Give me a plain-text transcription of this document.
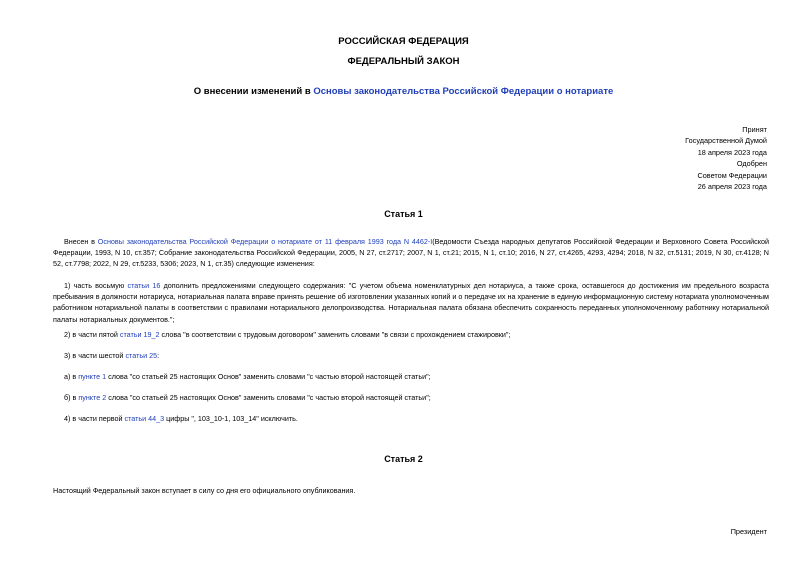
РОССИЙСКАЯ ФЕДЕРАЦИЯ
ФЕДЕРАЛЬНЫЙ ЗАКОН
О внесении изменений в Основы законодательства Российской Федерации о нотариате
Принят
Государственной Думой
18 апреля 2023 года
Одобрен
Советом Федерации
26 апреля 2023 года
Статья 1
Внесен в Основы законодательства Российской Федерации о нотариате от 11 февраля 1993 года N 4462-I(Ведомости Съезда народных депутатов Российской Федерации и Верховного Совета Российской Федерации, 1993, N 10, ст.357; Собрание законодательства Российской Федерации, 2005, N 27, ст.2717; 2007, N 1, ст.21; 2015, N 1, ст.10; 2016, N 27, ст.4265, 4293, 4294; 2018, N 32, ст.5131; 2019, N 30, ст.4128; N 52, ст.7798; 2022, N 29, ст.5233, 5306; 2023, N 1, ст.35) следующие изменения:
1) часть восьмую статьи 16 дополнить предложениями следующего содержания: "С учетом объема номенклатурных дел нотариуса, а также срока, оставшегося до достижения им предельного возраста пребывания в должности нотариуса, нотариальная палата вправе принять решение об изготовлении указанных копий и о передаче их на хранение в единую информационную систему нотариата уполномоченным работником нотариальной палаты в соответствии с правилами нотариального делопроизводства. Нотариальная палата обязана обеспечить сохранность переданных уполномоченному работнику нотариальной палаты нотариальных документов.";
2) в части пятой статьи 19_2 слова "в соответствии с трудовым договором" заменить словами "в связи с прохождением стажировки";
3) в части шестой статьи 25:
а) в пункте 1 слова "со статьей 25 настоящих Основ" заменить словами "с частью второй настоящей статьи";
б) в пункте 2 слова "со статьей 25 настоящих Основ" заменить словами "с частью второй настоящей статьи";
4) в части первой статьи 44_3 цифры ", 103_10-1, 103_14" исключить.
Статья 2
Настоящий Федеральный закон вступает в силу со дня его официального опубликования.
Президент
